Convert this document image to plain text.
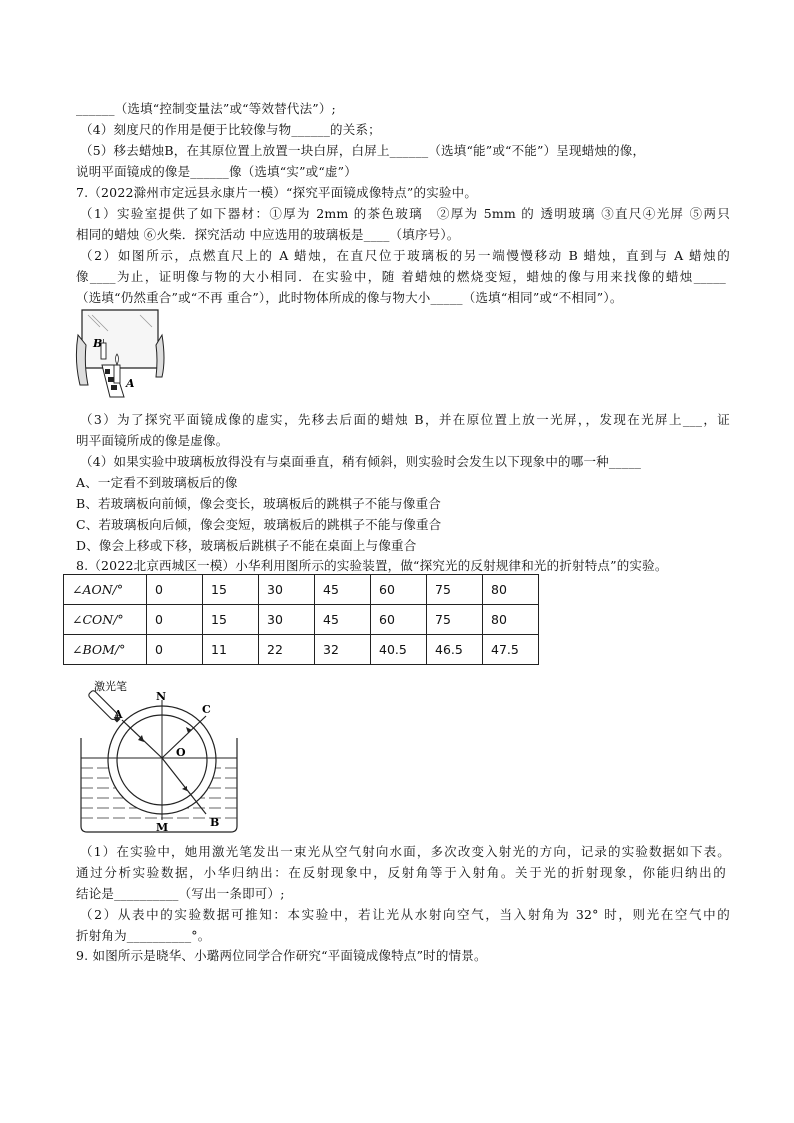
______（选填“控制变量法”或“等效替代法”）;
（4）刻度尺的作用是便于比较像与物______的关系；
（5）移去蜡烛B，在其原位置上放置一块白屏，白屏上______（选填“能”或“不能”）呈现蜡烛的像，
说明平面镜成的像是______像（选填“实”或“虚”）
7.（2022滁州市定远县永康片一模）“探究平面镜成像特点”的实验中。
（1）实验室提供了如下器材：①厚为 2mm 的茶色玻璃　②厚为 5mm 的 透明玻璃 ③直尺④光屏 ⑤两只
相同的蜡烛 ⑥火柴．探究活动 中应选用的玻璃板是____（填序号）。
（2）如图所示，点燃直尺上的 A 蜡烛，在直尺位于玻璃板的另一端慢慢移动 B 蜡烛，直到与 A 蜡烛的
像____为止，证明像与物的大小相同．在实验中，随 着蜡烛的燃烧变短，蜡烛的像与用来找像的蜡烛_____
（选填“仍然重合”或“不再 重合”），此时物体所成的像与物大小_____（选填“相同”或“不相同”）。
B
A
（3）为了探究平面镜成像的虚实，先移去后面的蜡烛 B，并在原位置上放一光屏，，发现在光屏上___，证
明平面镜所成的像是虚像。
（4）如果实验中玻璃板放得没有与桌面垂直，稍有倾斜，则实验时会发生以下现象中的哪一种_____
A、一定看不到玻璃板后的像
B、若玻璃板向前倾，像会变长，玻璃板后的跳棋子不能与像重合
C、若玻璃板向后倾，像会变短，玻璃板后的跳棋子不能与像重合
D、像会上移或下移，玻璃板后跳棋子不能在桌面上与像重合
8.（2022北京西城区一模）小华利用图所示的实验装置，做“探究光的反射规律和光的折射特点”的实验。
∠AON/°	0	15	30	45	60	75	80
∠CON/°	0	15	30	45	60	75	80
∠BOM/°	0	11	22	32	40.5	46.5	47.5
激光笔
N
A	C
O
M	B
（1）在实验中，她用激光笔发出一束光从空气射向水面，多次改变入射光的方向，记录的实验数据如下表。
通过分析实验数据，小华归纳出：在反射现象中，反射角等于入射角。关于光的折射现象，你能归纳出的
结论是__________（写出一条即可）;
（2）从表中的实验数据可推知：本实验中，若让光从水射向空气，当入射角为 32° 时，则光在空气中的
折射角为__________°。
9. 如图所示是晓华、小璐两位同学合作研究“平面镜成像特点”时的情景。
